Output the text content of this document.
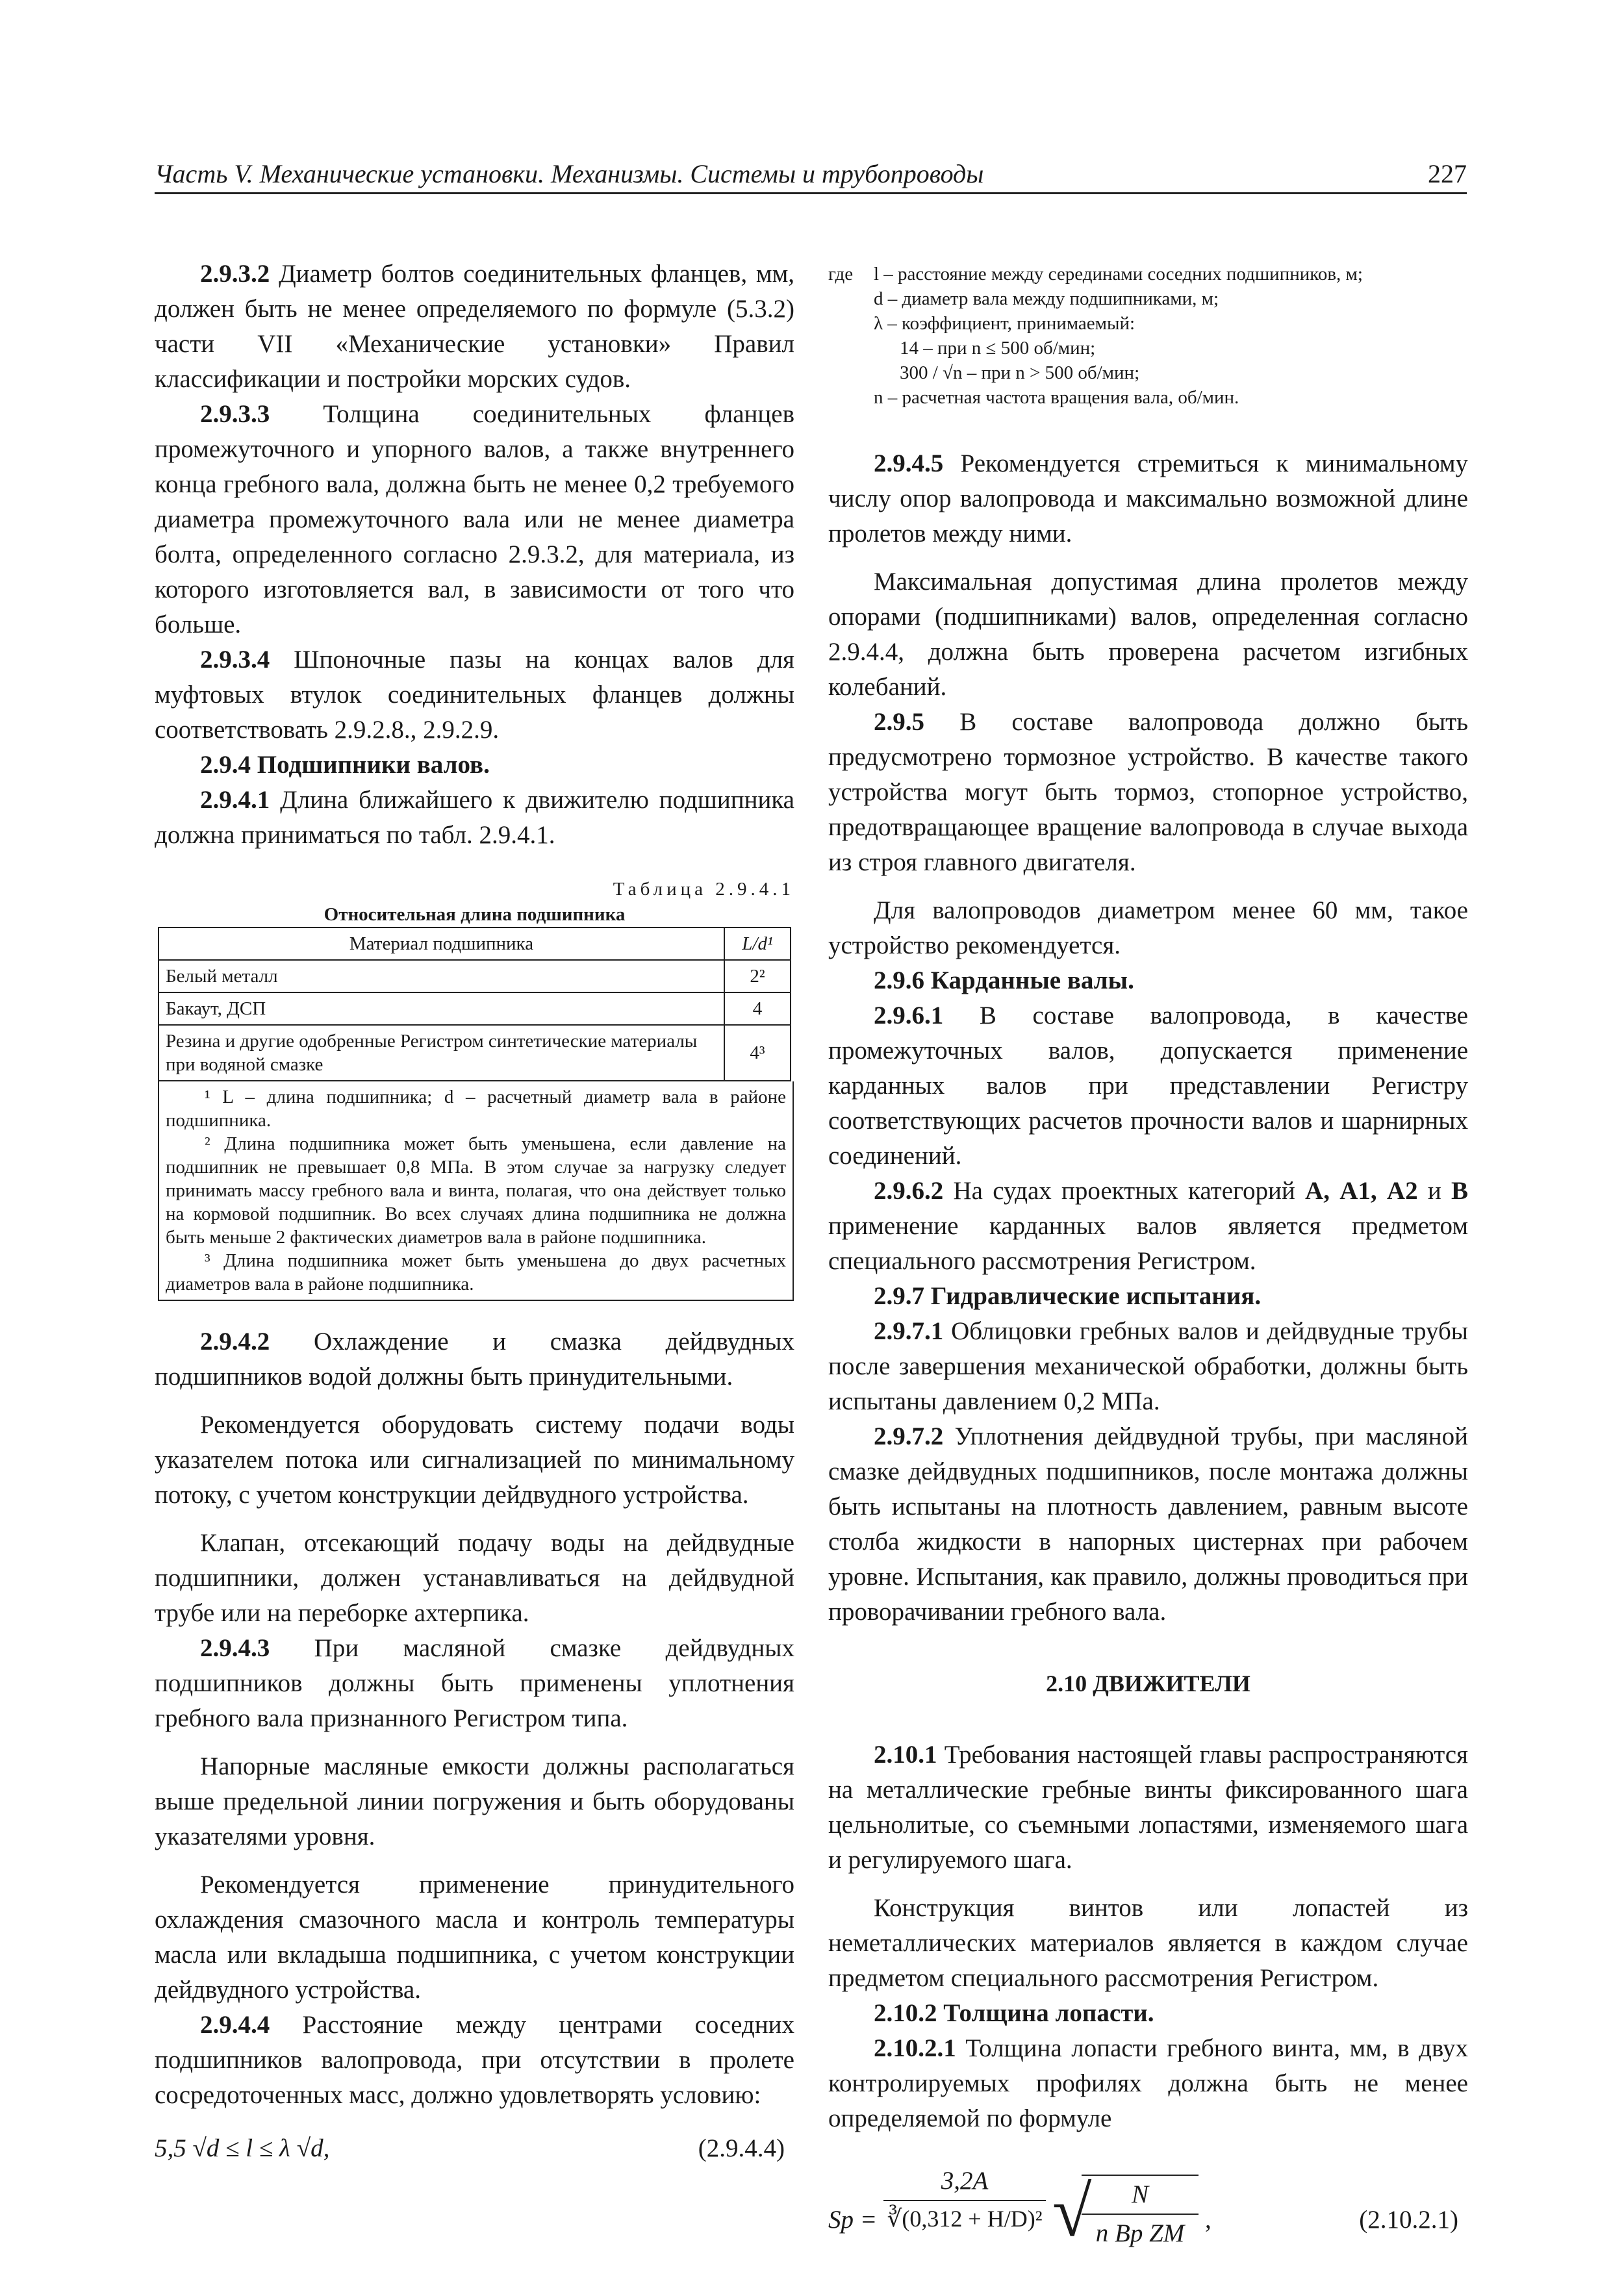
Часть V. Механические установки. Механизмы. Системы и трубопроводы	227

2.9.3.2 Диаметр болтов соединительных фланцев, мм, должен быть не менее определяемого по формуле (5.3.2) части VII «Механические установки» Правил классификации и постройки морских судов.

2.9.3.3 Толщина соединительных фланцев промежуточного и упорного валов, а также внутреннего конца гребного вала, должна быть не менее 0,2 требуемого диаметра промежуточного вала или не менее диаметра болта, определенного согласно 2.9.3.2, для материала, из которого изготовляется вал, в зависимости от того что больше.

2.9.3.4 Шпоночные пазы на концах валов для муфтовых втулок соединительных фланцев должны соответствовать 2.9.2.8., 2.9.2.9.

2.9.4 Подшипники валов.

2.9.4.1 Длина ближайшего к движителю подшипника должна приниматься по табл. 2.9.4.1.

Таблица 2.9.4.1
Относительная длина подшипника
Материал подшипника	L/d¹
Белый металл	2²
Бакаут, ДСП	4
Резина и другие одобренные Регистром синтетические материалы при водяной смазке	4³
¹ L – длина подшипника; d – расчетный диаметр вала в районе подшипника.
² Длина подшипника может быть уменьшена, если давление на подшипник не превышает 0,8 МПа. В этом случае за нагрузку следует принимать массу гребного вала и винта, полагая, что она действует только на кормовой подшипник. Во всех случаях длина подшипника не должна быть меньше 2 фактических диаметров вала в районе подшипника.
³ Длина подшипника может быть уменьшена до двух расчетных диаметров вала в районе подшипника.

2.9.4.2 Охлаждение и смазка дейдвудных подшипников водой должны быть принудительными.

Рекомендуется оборудовать систему подачи воды указателем потока или сигнализацией по минимальному потоку, с учетом конструкции дейдвудного устройства.

Клапан, отсекающий подачу воды на дейдвудные подшипники, должен устанавливаться на дейдвудной трубе или на переборке ахтерпика.

2.9.4.3 При масляной смазке дейдвудных подшипников должны быть применены уплотнения гребного вала признанного Регистром типа.

Напорные масляные емкости должны располагаться выше предельной линии погружения и быть оборудованы указателями уровня.

Рекомендуется применение принудительного охлаждения смазочного масла и контроль температуры масла или вкладыша подшипника, с учетом конструкции дейдвудного устройства.

2.9.4.4 Расстояние между центрами соседних подшипников валопровода, при отсутствии в пролете сосредоточенных масс, должно удовлетворять условию:

5,5 √d ≤ l ≤ λ √d,	(2.9.4.4)
где	l – расстояние между серединами соседних подшипников, м;
d – диаметр вала между подшипниками, м;
λ – коэффициент, принимаемый:
14 – при n ≤ 500 об/мин;
300 / √n – при n > 500 об/мин;
n – расчетная частота вращения вала, об/мин.

2.9.4.5 Рекомендуется стремиться к минимальному числу опор валопровода и максимально возможной длине пролетов между ними.

Максимальная допустимая длина пролетов между опорами (подшипниками) валов, определенная согласно 2.9.4.4, должна быть проверена расчетом изгибных колебаний.

2.9.5 В составе валопровода должно быть предусмотрено тормозное устройство. В качестве такого устройства могут быть тормоз, стопорное устройство, предотвращающее вращение валопровода в случае выхода из строя главного двигателя.

Для валопроводов диаметром менее 60 мм, такое устройство рекомендуется.

2.9.6 Карданные валы.

2.9.6.1 В составе валопровода, в качестве промежуточных валов, допускается применение карданных валов при представлении Регистру соответствующих расчетов прочности валов и шарнирных соединений.

2.9.6.2 На судах проектных категорий А, А1, А2 и В применение карданных валов является предметом специального рассмотрения Регистром.

2.9.7 Гидравлические испытания.

2.9.7.1 Облицовки гребных валов и дейдвудные трубы после завершения механической обработки, должны быть испытаны давлением 0,2 МПа.

2.9.7.2 Уплотнения дейдвудной трубы, при масляной смазке дейдвудных подшипников, после монтажа должны быть испытаны на плотность давлением, равным высоте столба жидкости в напорных цистернах при рабочем уровне. Испытания, как правило, должны проводиться при проворачивании гребного вала.

2.10 ДВИЖИТЕЛИ

2.10.1 Требования настоящей главы распространяются на металлические гребные винты фиксированного шага цельнолитые, со съемными лопастями, изменяемого шага и регулируемого шага.

Конструкция винтов или лопастей из неметаллических материалов является в каждом случае предметом специального рассмотрения Регистром.

2.10.2 Толщина лопасти.

2.10.2.1 Толщина лопасти гребного винта, мм, в двух контролируемых профилях должна быть не менее определяемой по формуле

Sp =
3,2A
∛(0,312 + H/D)² √	N
n Bp ZM ,	(2.10.2.1)
